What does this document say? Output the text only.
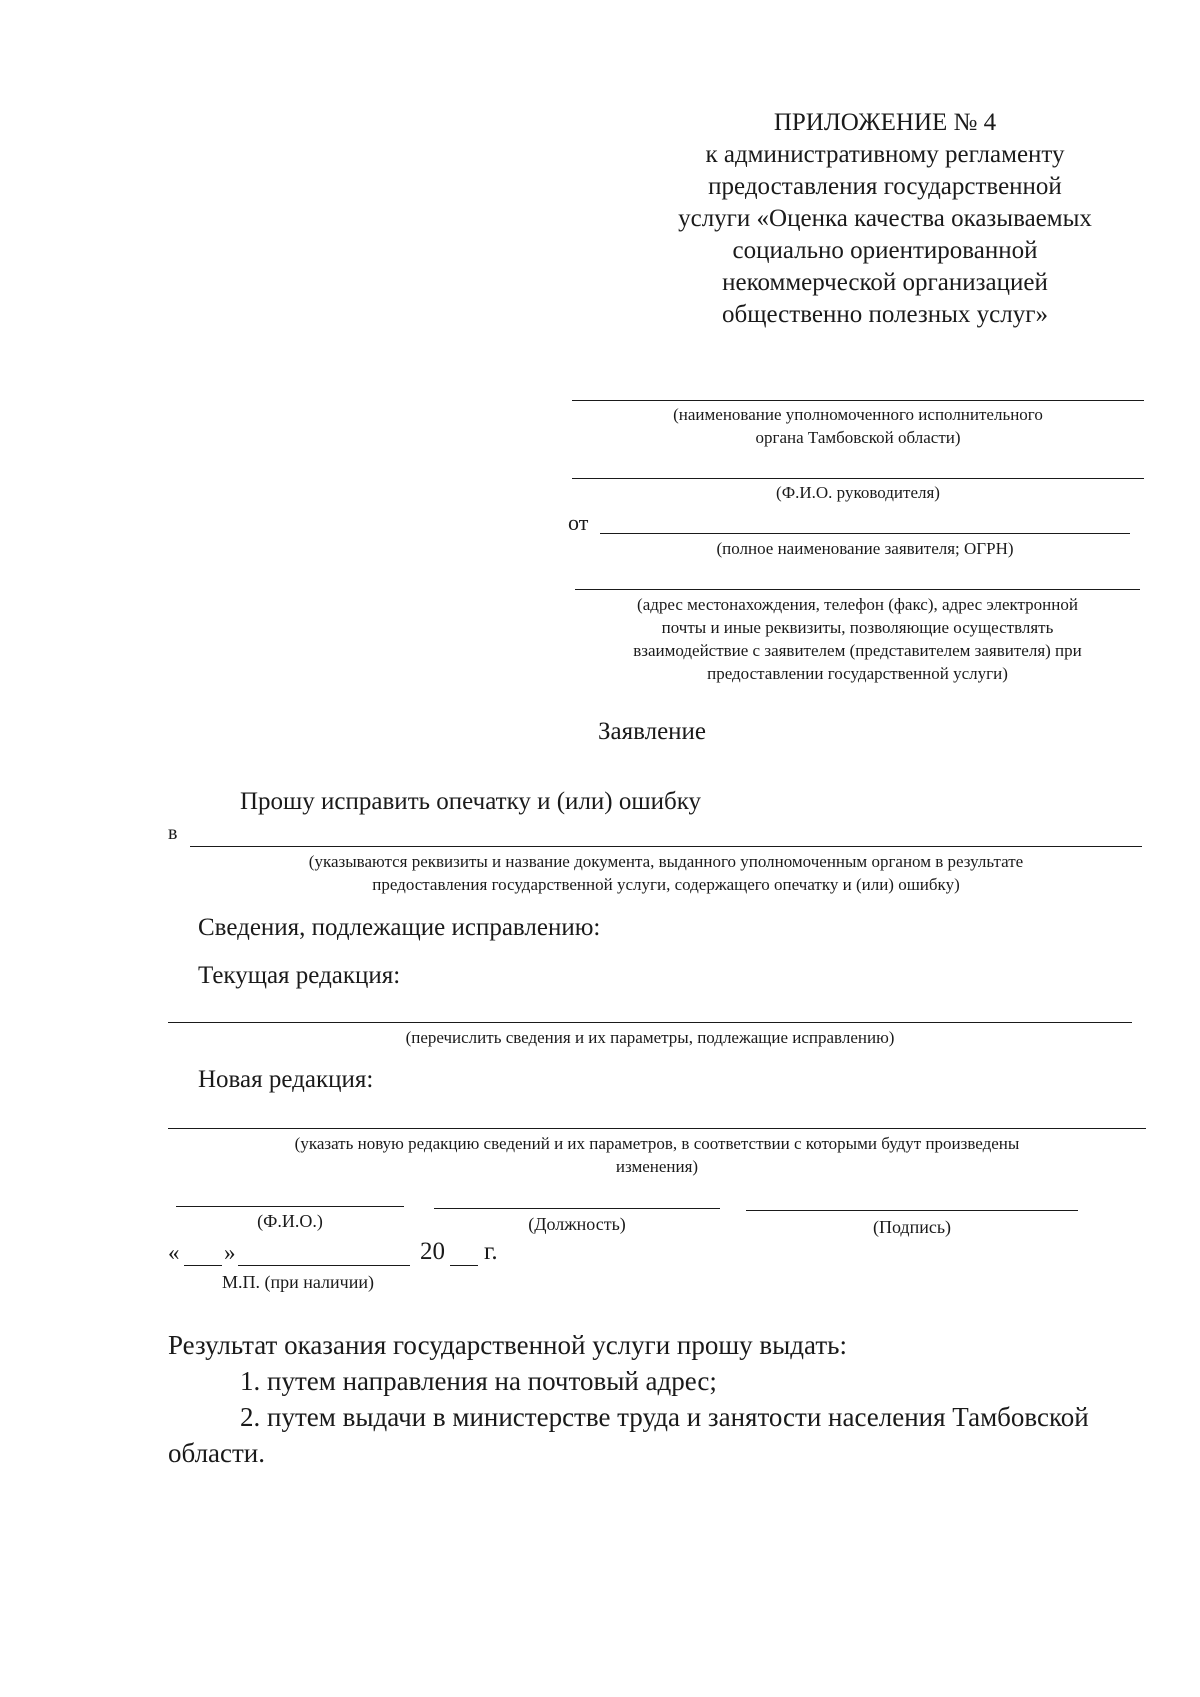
ПРИЛОЖЕНИЕ № 4
к административному регламенту
предоставления государственной
услуги «Оценка качества оказываемых
социально ориентированной
некоммерческой организацией
общественно полезных услуг»
(наименование уполномоченного исполнительного
органа Тамбовской области)
(Ф.И.О. руководителя)
от
(полное наименование заявителя; ОГРН)
(адрес местонахождения, телефон (факс), адрес электронной
почты и иные реквизиты, позволяющие осуществлять
взаимодействие с заявителем (представителем заявителя) при
предоставлении государственной услуги)
Заявление
Прошу исправить опечатку и (или) ошибку
в
(указываются реквизиты и название документа, выданного уполномоченным органом в результате
предоставления государственной услуги, содержащего опечатку и (или) ошибку)
Сведения, подлежащие исправлению:
Текущая редакция:
(перечислить сведения и их параметры, подлежащие исправлению)
Новая редакция:
(указать новую редакцию сведений и их параметров, в соответствии с которыми будут произведены
изменения)
(Ф.И.О.)	(Должность)	(Подпись)
« »	20 г.
М.П. (при наличии)
Результат оказания государственной услуги прошу выдать:
1. путем направления на почтовый адрес;
2. путем выдачи в министерстве труда и занятости населения Тамбовской
области.
